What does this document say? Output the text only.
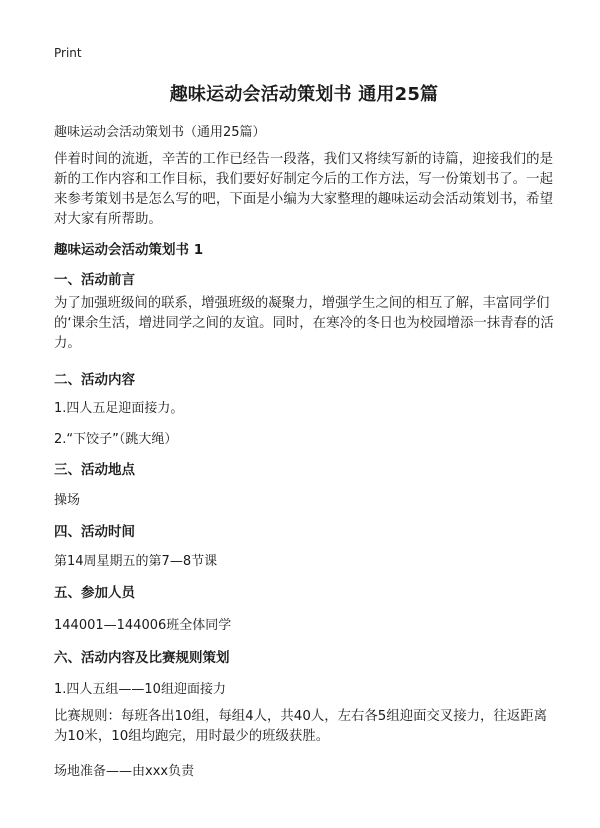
Print
趣味运动会活动策划书 通用25篇
趣味运动会活动策划书（通用25篇）
伴着时间的流逝，辛苦的工作已经告一段落，我们又将续写新的诗篇，迎接我们的是新的工作内容和工作目标，我们要好好制定今后的工作方法，写一份策划书了。一起来参考策划书是怎么写的吧，下面是小编为大家整理的趣味运动会活动策划书，希望对大家有所帮助。
趣味运动会活动策划书 1
一、活动前言
为了加强班级间的联系，增强班级的凝聚力，增强学生之间的相互了解，丰富同学们的‘课余生活，增进同学之间的友谊。同时，在寒冷的冬日也为校园增添一抹青春的活力。
二、活动内容
1.四人五足迎面接力。
2.“下饺子”（跳大绳）
三、活动地点
操场
四、活动时间
第14周星期五的第7—8节课
五、参加人员
144001—144006班全体同学
六、活动内容及比赛规则策划
1.四人五组——10组迎面接力
比赛规则：每班各出10组，每组4人，共40人，左右各5组迎面交叉接力，往返距离为10米，10组均跑完，用时最少的班级获胜。
场地准备——由xxx负责
